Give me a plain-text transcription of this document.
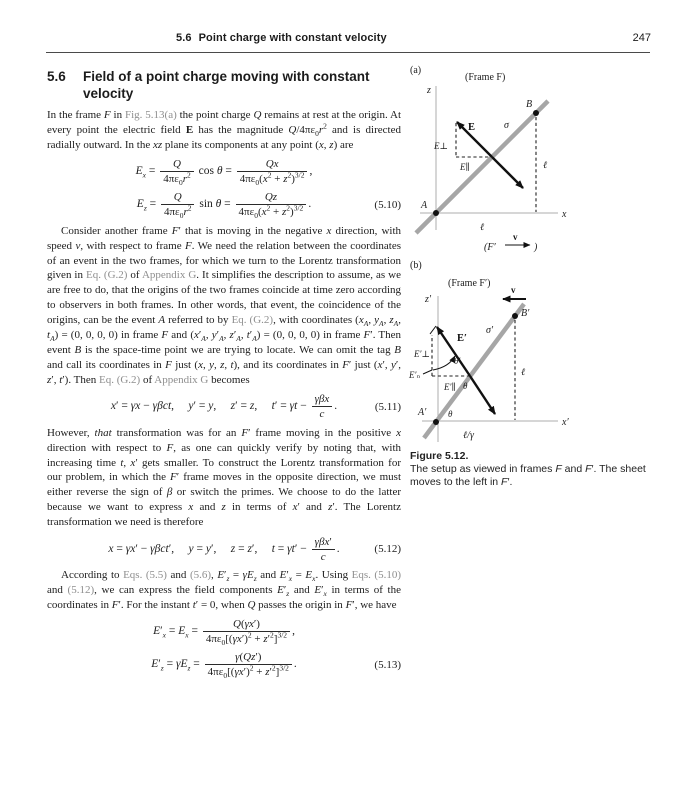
5.6 Point charge with constant velocity	247
5.6	Field of a point charge moving with constant velocity

In the frame F in Fig. 5.13(a) the point charge Q remains at rest at the origin. At every point the electric field E has the magnitude $Q/4\pi\varepsilon_0r^2$ and is directed radially outward. In the xz plane its components at any point (x, z) are

$E_x = \frac{Q}{4\pi\varepsilon_0r^2}$ $\cos \theta = \frac{Qx}{4\pi\varepsilon_0(x^2 + z^2)^{3/2}}$ ,
$E_z = \frac{Q}{4\pi\varepsilon_0r^2}$ $\sin \theta = \frac{Qz}{4\pi\varepsilon_0(x^2 + z^2)^{3/2}}$ .	(5.10)

Consider another frame F′ that is moving in the negative x direction, with speed v, with respect to frame F. We need the relation between the coordinates of an event in the two frames, for which we turn to the Lorentz transformation given in Eq. (G.2) of Appendix G. It simplifies the description to assume, as we are free to do, that the origins of the two frames coincide at time zero according to observers in both frames. In other words, that event, the coincidence of the origins, can be the event A referred to by Eq. (G.2), with coordinates ($x_A$, $y_A$, $z_A$, $t_A) = (0$, 0, 0, 0) in frame F and ($x'_A$, $y'_A$, $z'_A$, $t'_A) = (0$, 0, 0, 0) in frame F′. Then event B is the space-time point we are trying to locate. We can omit the tag B and call its coordinates in F just (x, y, z, t), and its coordinates in F′ just (x′, y′, z′, t′). Then Eq. (G.2) of Appendix G becomes

x′ = γx − γβct,   y′ = y,   z′ = z,   $t' = \gamma t - \frac{\text{γβx}}{c}$ .	(5.11)

However, that transformation was for an F′ frame moving in the positive x direction with respect to F, as one can quickly verify by noting that, with increasing time t, x′ gets smaller. To construct the Lorentz transformation for our problem, in which the F′ frame moves in the opposite direction, we must either reverse the sign of β or switch the primes. We choose to do the latter because we want to express x and z in terms of x′ and z′. The Lorentz transformation we need is therefore

x = γx′ − γβct′,   y = y′,   z = z′,   $t = \gamma t' - \frac{\text{γβx′}}{c}$ .	(5.12)

According to Eqs. (5.5) and (5.6), $E'_z = \gamma E_z$ and $E'_x = E_x$. Using Eqs. (5.10) and (5.12), we can express the field components $E'_z$ and $E'_x$ in terms of the coordinates in F′. For the instant t′ = 0, when Q passes the origin in F′, we have

$E'_x = E_x = \frac{Q(\gamma x')}{4\pi\varepsilon_0[(\gamma x')^2 + z'^2]^{3/2}}$ ,
$E'_z = \gamma E_z = \frac{\gamma(Qz')}{4\pi\varepsilon_0[(\gamma x')^2 + z'^2]^{3/2}}$ .	(5.13)
(a)
(Frame F)
z
x
σ
A
B
E
E⊥
E∥	ℓ
ℓ
(F′
v
)
(b)
(Frame F′)
z′
x′
σ′
v
A′
B′
E′
E′⊥
E′∥
E′ₙ
θ′
θ
θ
ℓ
ℓ/γ
Figure 5.12.
The setup as viewed in frames F and F′. The sheet moves to the left in F′.
